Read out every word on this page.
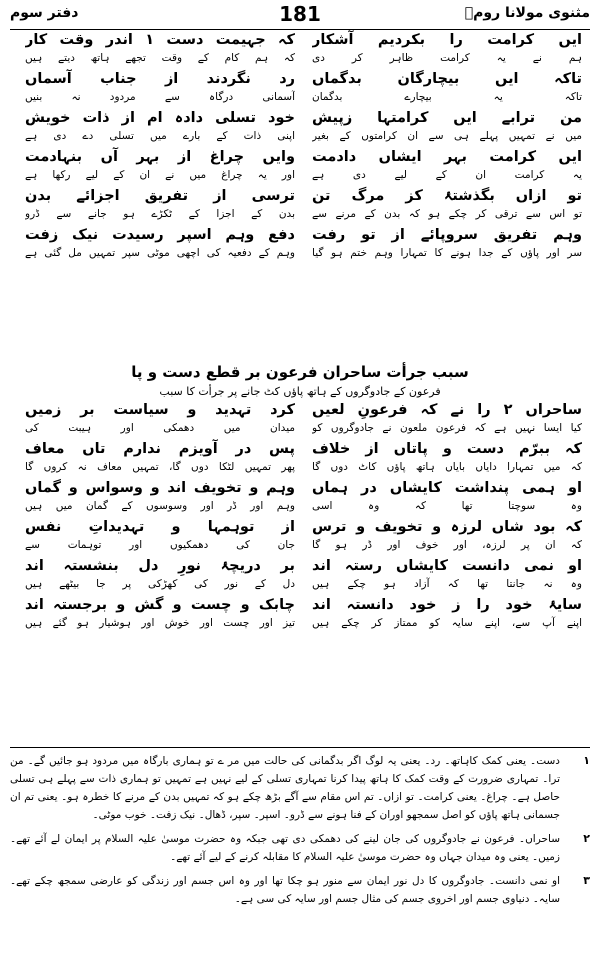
دفتر سوم	181	مثنوی مولانا رومؒ
ایں کرامت را بکردیم آشکار
ہم نے یہ کرامت ظاہر کر دی
کہ جہیمت دست ۱ اندر وقت کار
کہ ہم کام کے وقت تجھے ہاتھ دیتے ہیں
تاکہ ایں بیچارگان بدگماں
تاکہ یہ بیچارے بدگمان
رد نگردند از جناب آسماں
آسمانی درگاہ سے مردود نہ بنیں
من ترابے ایں کرامتہا زپیش
میں نے تمہیں پہلے ہی سے ان کرامتوں کے بغیر
خود تسلی دادہ ام از ذات خویش
اپنی ذات کے بارے میں تسلی دے دی ہے
ایں کرامت بہر ایشاں دادمت
یہ کرامت ان کے لیے دی ہے
وایں چراغ از بہر آں بنہادمت
اور یہ چراغ میں نے ان کے لیے رکھا ہے
تو ازاں بگذشتۂ کز مرگ تن
تو اس سے ترقی کر چکے ہو کہ بدن کے مرنے سے
ترسی از تفریق اجزائے بدن
بدن کے اجزا کے ٹکڑے ہو جانے سے ڈرو
وہم تفریق سروپائے از تو رفت
سر اور پاؤں کے جدا ہونے کا تمہارا وہم ختم ہو گیا
دفع وہم اسپر رسیدت نیک زفت
وہم کے دفعیہ کی اچھی موٹی سپر تمہیں مل گئی ہے
سبب جرأت ساحران فرعون بر قطع دست و پا
فرعون کے جادوگروں کے ہاتھ پاؤں کٹ جانے پر جرأت کا سبب
ساحراں ۲ را نے کہ فرعونِ لعیں
کیا ایسا نہیں ہے کہ فرعون ملعون نے جادوگروں کو
کرد تہدید و سیاست بر زمیں
میدان میں دھمکی اور ہیبت کی
کہ ببرّم دست و پاتاں از خلاف
کہ میں تمہارا دایاں بایاں ہاتھ پاؤں کاٹ دوں گا
پس در آویزم ندارم تاں معاف
پھر تمہیں لٹکا دوں گا، تمہیں معاف نہ کروں گا
او ہمی پنداشت کایشاں در ہماں
وہ سوچتا تھا کہ وہ اسی
وہم و تخویف اند و وسواس و گماں
وہم اور ڈر اور وسوسوں کے گمان میں ہیں
کہ بود شاں لرزہ و تخویف و ترس
کہ ان پر لرزہ، اور خوف اور ڈر ہو گا
از توہمہا و تہدیداتِ نفس
جان کی دھمکیوں اور توہمات سے
او نمی دانست کایشاں رستہ اند
وہ نہ جانتا تھا کہ آزاد ہو چکے ہیں
بر دریچۂ نورِ دل بنشستہ اند
دل کے نور کی کھڑکی پر جا بیٹھے ہیں
سایۂ خود را ز خود دانستہ اند
اپنے آپ سے، اپنے سایہ کو ممتاز کر چکے ہیں
چابک و چست و گش و برجستہ اند
تیز اور چست اور خوش اور ہوشیار ہو گئے ہیں
۱
دست۔ یعنی کمک کاہاتھ۔ رد۔ یعنی یہ لوگ اگر بدگمانی کی حالت میں مر ے تو ہماری بارگاہ میں مردود ہو جائیں گے۔ من ترا۔ تمہاری ضرورت کے وقت کمک کا ہاتھ پیدا کرنا تمہاری تسلی کے لیے نہیں ہے تمہیں تو ہماری ذات سے پہلے ہی تسلی حاصل ہے۔ چراغ۔ یعنی کرامت۔ تو ازاں۔ تم اس مقام سے آگے بڑھ چکے ہو کہ تمہیں بدن کے مرنے کا خطرہ ہو۔ یعنی تم ان جسمانی ہاتھ پاؤں کو اصل سمجھو اوران کے فنا ہونے سے ڈرو۔ اسپر۔ سپر، ڈھال۔ نیک زفت۔ خوب موٹی۔
۲
ساحراں۔ فرعون نے جادوگروں کی جان لینے کی دھمکی دی تھی جبکہ وہ حضرت موسیٰ علیہ السلام پر ایمان لے آئے تھے۔ زمیں۔ یعنی وہ میدان جہاں وہ حضرت موسیٰ علیہ السلام کا مقابلہ کرنے کے لیے آئے تھے۔
۳
او نمی دانست۔ جادوگروں کا دل نور ایمان سے منور ہو چکا تھا اور وہ اس جسم اور زندگی کو عارضی سمجھ چکے تھے۔ سایہ۔ دنیاوی جسم اور اخروی جسم کی مثال جسم اور سایہ کی سی ہے۔
